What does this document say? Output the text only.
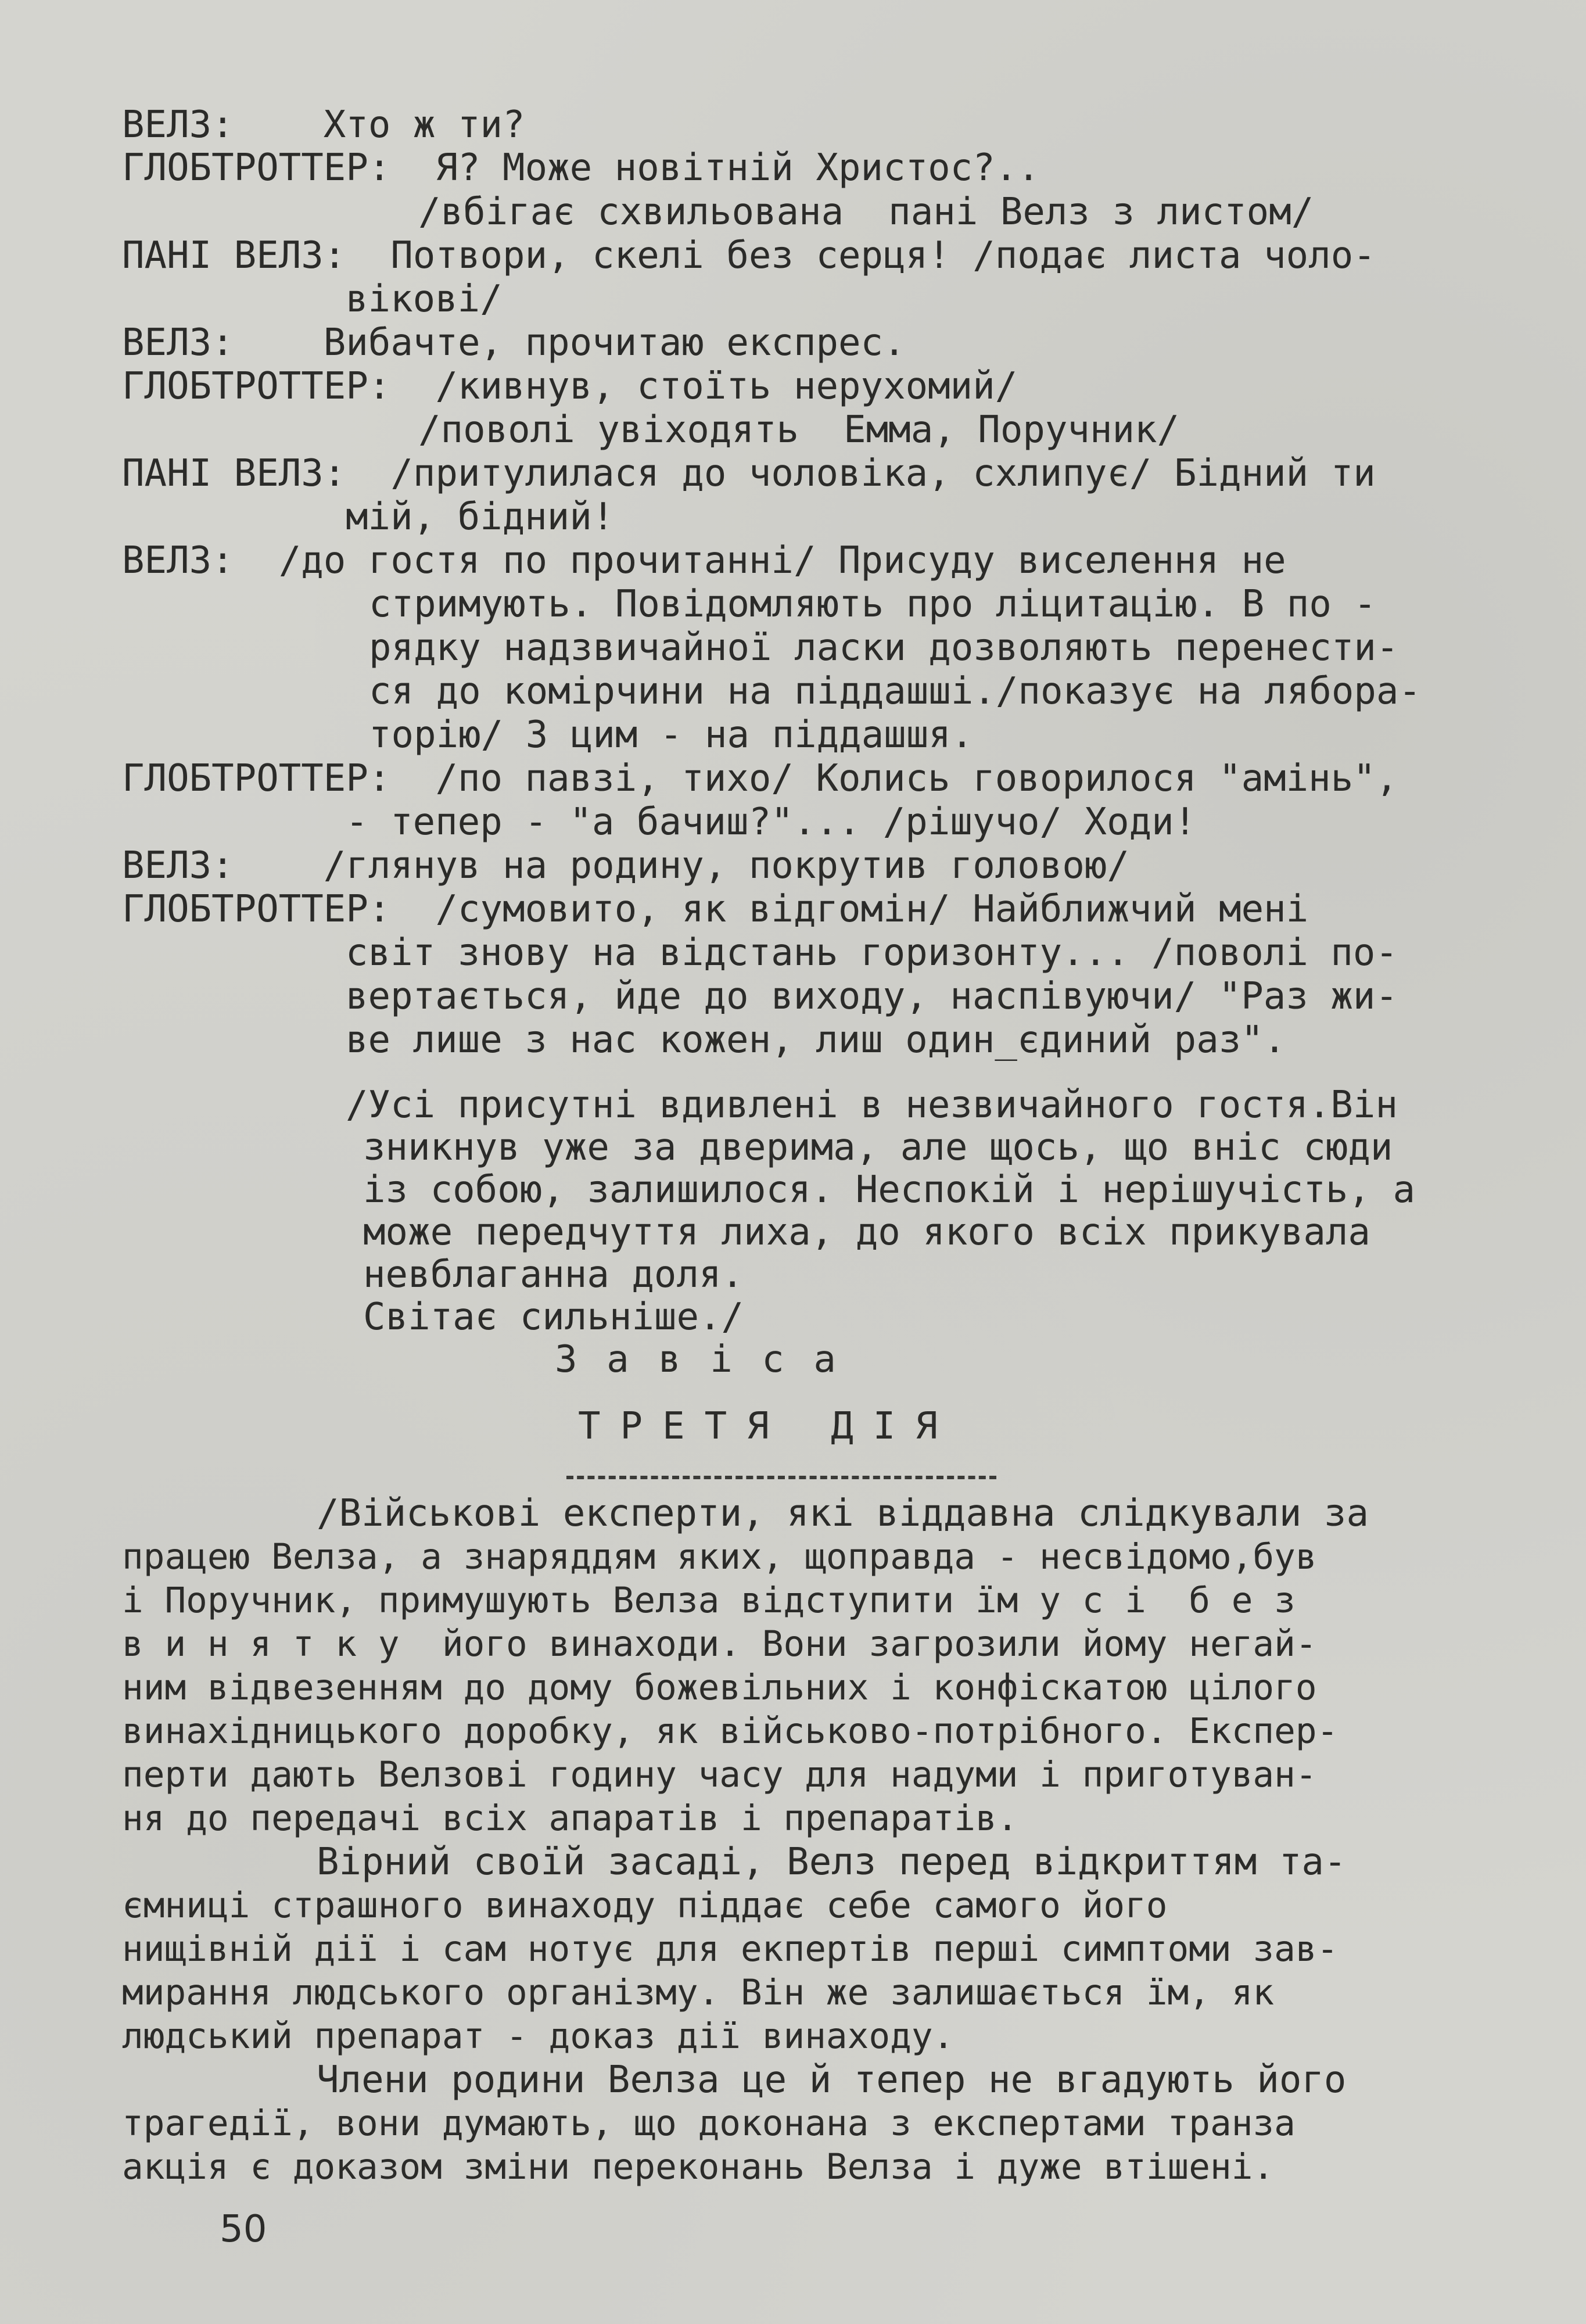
ВЕЛЗ:    Хто ж ти?
ГЛОБТРОТТЕР:  Я? Може новітній Христос?..
/вбігає схвильована  пані Велз з листом/
ПАНІ ВЕЛЗ:  Потвори, скелі без серця! /подає листа чоло-
віковi/
ВЕЛЗ:    Вибачте, прочитаю експрес.
ГЛОБТРОТТЕР:  /кивнув, стоїть нерухомий/
/поволі увіходять  Емма, Поручник/
ПАНІ ВЕЛЗ:  /притулилася до чоловіка, схлипує/ Бідний ти
мій, бідний!
ВЕЛЗ:  /до гостя по прочитанні/ Присуду виселення не
стримують. Повідомляють про ліцитацію. В по -
рядку надзвичайної ласки дозволяють перенести-
ся до комірчини на піддашші./показує на лябора-
торію/ З цим - на піддашшя.
ГЛОБТРОТТЕР:  /по павзі, тихо/ Колись говорилося "амінь",
- тепер - "а бачиш?"... /рішучо/ Ходи!
ВЕЛЗ:    /глянув на родину, покрутив головою/
ГЛОБТРОТТЕР:  /сумовито, як відгомін/ Найближчий мені
світ знову на відстань горизонту... /поволі по-
вертається, йде до виходу, наспівуючи/ "Раз жи-
ве лише з нас кожен, лиш один_єдиний раз".
/Усі присутні вдивлені в незвичайного гостя.Він
зникнув уже за дверима, але щось, що вніс сюди
із собою, залишилося. Неспокій і нерішучість, а
може передчуття лиха, до якого всіх прикувала
невблаганна доля.
Світає сильніше./
З а в і с а
ТРЕТЯ ДІЯ
/Військові експерти, які віддавна слідкували за
працею Велза, а знаряддям яких, щоправда - несвідомо,був
і Поручник, примушують Велза відступити їм у с і  б е з
в и н я т к у  його винаходи. Вони загрозили йому негай-
ним відвезенням до дому божевільних і конфіскатою цілого
винахідницького доробку, як військово-потрібного. Експер-
перти дають Велзові годину часу для надуми і приготуван-
ня до передачі всіх апаратів і препаратів.
Вірний своїй засаді, Велз перед відкриттям та-
ємниці страшного винаходу піддає себе самого його
нищівній дії і сам нотує для екпертів перші симптоми зав-
мирання людського організму. Він же залишається їм, як
людський препарат - доказ дії винаходу.
Члени родини Велза це й тепер не вгадують його
трагедії, вони думають, що доконана з експертами транза
акція є доказом зміни переконань Велза і дуже втішені.
50
